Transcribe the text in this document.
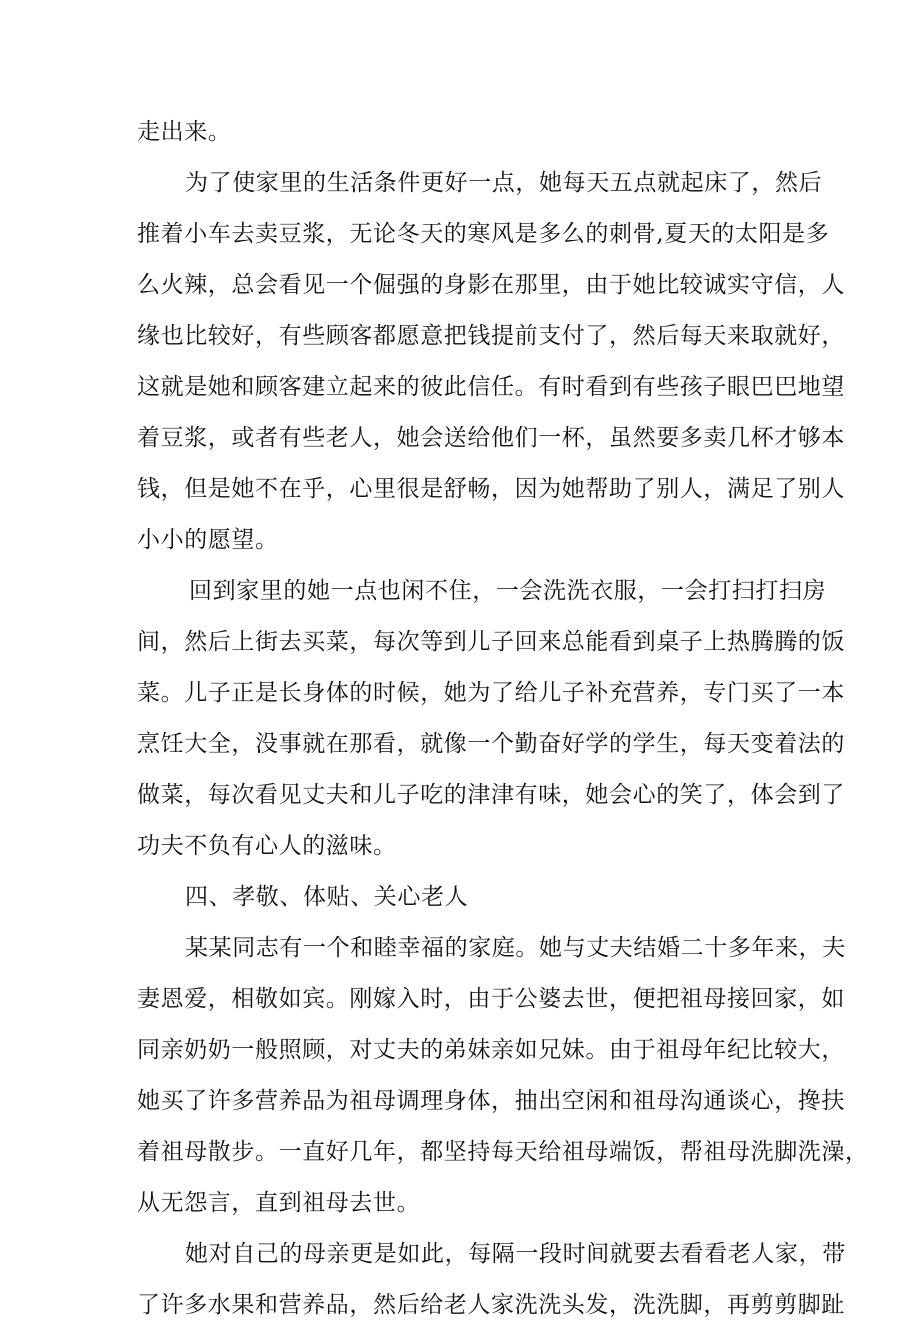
走出来。
为了使家里的生活条件更好一点，她每天五点就起床了，然后
推着小车去卖豆浆，无论冬天的寒风是多么的刺骨,夏天的太阳是多
么火辣，总会看见一个倔强的身影在那里，由于她比较诚实守信，人
缘也比较好，有些顾客都愿意把钱提前支付了，然后每天来取就好，
这就是她和顾客建立起来的彼此信任。有时看到有些孩子眼巴巴地望
着豆浆，或者有些老人，她会送给他们一杯，虽然要多卖几杯才够本
钱，但是她不在乎，心里很是舒畅，因为她帮助了别人，满足了别人
小小的愿望。
回到家里的她一点也闲不住，一会洗洗衣服，一会打扫打扫房
间，然后上街去买菜，每次等到儿子回来总能看到桌子上热腾腾的饭
菜。儿子正是长身体的时候，她为了给儿子补充营养，专门买了一本
烹饪大全，没事就在那看，就像一个勤奋好学的学生，每天变着法的
做菜，每次看见丈夫和儿子吃的津津有味，她会心的笑了，体会到了
功夫不负有心人的滋味。
四、孝敬、体贴、关心老人
某某同志有一个和睦幸福的家庭。她与丈夫结婚二十多年来，夫
妻恩爱，相敬如宾。刚嫁入时，由于公婆去世，便把祖母接回家，如
同亲奶奶一般照顾，对丈夫的弟妹亲如兄妹。由于祖母年纪比较大，
她买了许多营养品为祖母调理身体，抽出空闲和祖母沟通谈心，搀扶
着祖母散步。一直好几年，都坚持每天给祖母端饭，帮祖母洗脚洗澡，
从无怨言，直到祖母去世。
她对自己的母亲更是如此，每隔一段时间就要去看看老人家，带
了许多水果和营养品，然后给老人家洗洗头发，洗洗脚，再剪剪脚趾
